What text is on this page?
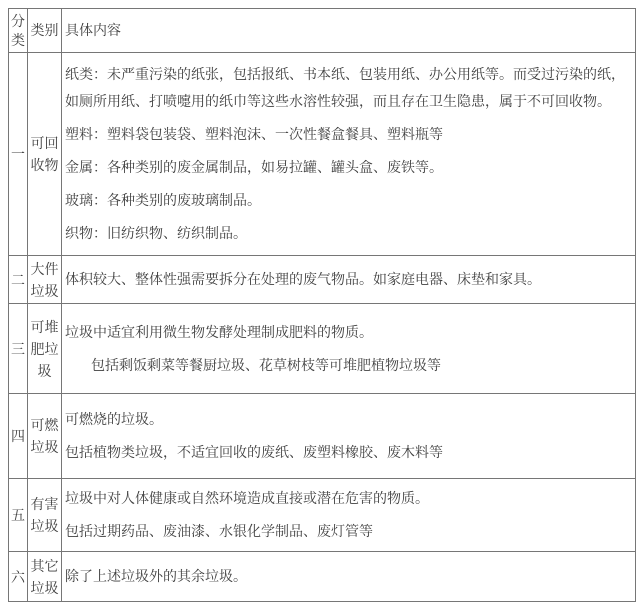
分类	类别	具体内容
一	可回收物	纸类：未严重污染的纸张，包括报纸、书本纸、包装用纸、办公用纸等。而受过污染的纸，如厕所用纸、打喷嚏用的纸巾等这些水溶性较强，而且存在卫生隐患，属于不可回收物。

塑料：塑料袋包装袋、塑料泡沫、一次性餐盒餐具、塑料瓶等

金属：各种类别的废金属制品，如易拉罐、罐头盒、废铁等。

玻璃：各种类别的废玻璃制品。

织物：旧纺织物、纺织制品。

二	大件垃圾	体积较大、整体性强需要拆分在处理的废气物品。如家庭电器、床垫和家具。

三	可堆肥垃圾	垃圾中适宜利用微生物发酵处理制成肥料的物质。

包括剩饭剩菜等餐厨垃圾、花草树枝等可堆肥植物垃圾等

四	可燃垃圾	可燃烧的垃圾。

包括植物类垃圾，不适宜回收的废纸、废塑料橡胶、废木料等

五	有害垃圾	垃圾中对人体健康或自然环境造成直接或潜在危害的物质。

包括过期药品、废油漆、水银化学制品、废灯管等

六	其它垃圾	除了上述垃圾外的其余垃圾。
